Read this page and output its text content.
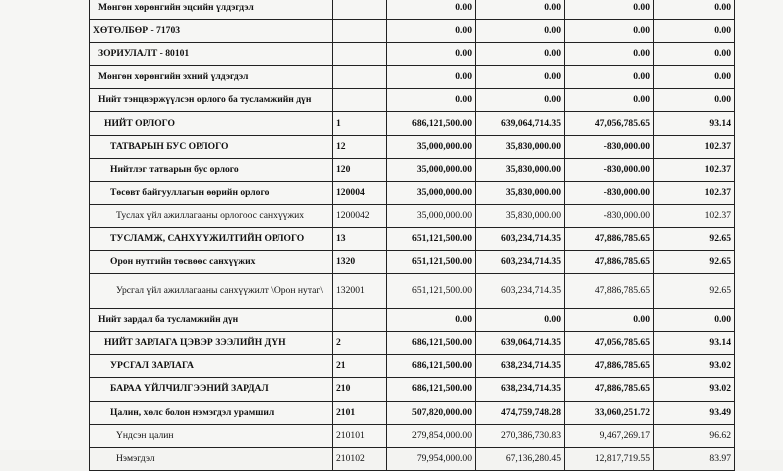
Мөнгөн хөрөнгийн эцсийн үлдэгдэл		0.00	0.00	0.00	0.00
ХӨТӨЛБӨР - 71703		0.00	0.00	0.00	0.00
ЗОРИУЛАЛТ - 80101		0.00	0.00	0.00	0.00
Мөнгөн хөрөнгийн эхний үлдэгдэл		0.00	0.00	0.00	0.00
Нийт тэнцвэржүүлсэн орлого ба тусламжийн дүн		0.00	0.00	0.00	0.00
НИЙТ ОРЛОГО	1	686,121,500.00	639,064,714.35	47,056,785.65	93.14
ТАТВАРЫН БУС ОРЛОГО	12	35,000,000.00	35,830,000.00	-830,000.00	102.37
Нийтлэг татварын бус орлого	120	35,000,000.00	35,830,000.00	-830,000.00	102.37
Төсөвт байгууллагын өөрийн орлого	120004	35,000,000.00	35,830,000.00	-830,000.00	102.37
Туслах үйл ажиллагааны орлогоос санхүүжих	1200042	35,000,000.00	35,830,000.00	-830,000.00	102.37
ТУСЛАМЖ, САНХҮҮЖИЛТИЙН ОРЛОГО	13	651,121,500.00	603,234,714.35	47,886,785.65	92.65
Орон нутгийн төсвөөс санхүүжих	1320	651,121,500.00	603,234,714.35	47,886,785.65	92.65
Урсгал үйл ажиллагааны санхүүжилт \Орон нутаг\	132001	651,121,500.00	603,234,714.35	47,886,785.65	92.65
Нийт зардал ба тусламжийн дүн		0.00	0.00	0.00	0.00
НИЙТ ЗАРЛАГА ЦЭВЭР ЗЭЭЛИЙН ДҮН	2	686,121,500.00	639,064,714.35	47,056,785.65	93.14
УРСГАЛ ЗАРЛАГА	21	686,121,500.00	638,234,714.35	47,886,785.65	93.02
БАРАА ҮЙЛЧИЛГЭЭНИЙ ЗАРДАЛ	210	686,121,500.00	638,234,714.35	47,886,785.65	93.02
Цалин, хөлс болон нэмэгдэл урамшил	2101	507,820,000.00	474,759,748.28	33,060,251.72	93.49
Үндсэн цалин	210101	279,854,000.00	270,386,730.83	9,467,269.17	96.62
Нэмэгдэл	210102	79,954,000.00	67,136,280.45	12,817,719.55	83.97
